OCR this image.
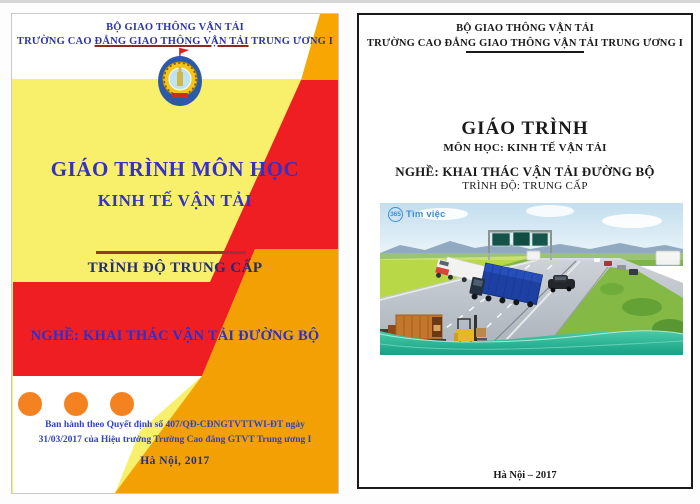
BỘ GIAO THÔNG VẬN TẢI
TRƯỜNG CAO ĐẲNG GIAO THÔNG VẬN TẢI TRUNG ƯƠNG I
GIÁO TRÌNH MÔN HỌC
KINH TẾ VẬN TẢI
TRÌNH ĐỘ TRUNG CẤP
NGHỀ: KHAI THÁC VẬN TẢI ĐƯỜNG BỘ
Ban hành theo Quyết định số 407/QĐ-CĐNGTVTTWI-ĐT ngày
31/03/2017 của Hiệu trưởng Trường Cao đẳng GTVT Trung ương I
Hà Nội, 2017
BỘ GIAO THÔNG VẬN TẢI
TRƯỜNG CAO ĐẲNG GIAO THÔNG VẬN TẢI TRUNG ƯƠNG I
GIÁO TRÌNH
MÔN HỌC: KINH TẾ VẬN TẢI
NGHỀ: KHAI THÁC VẬN TẢI ĐƯỜNG BỘ
TRÌNH ĐỘ: TRUNG CẤP
365 Tìm việc
Hà Nội – 2017
